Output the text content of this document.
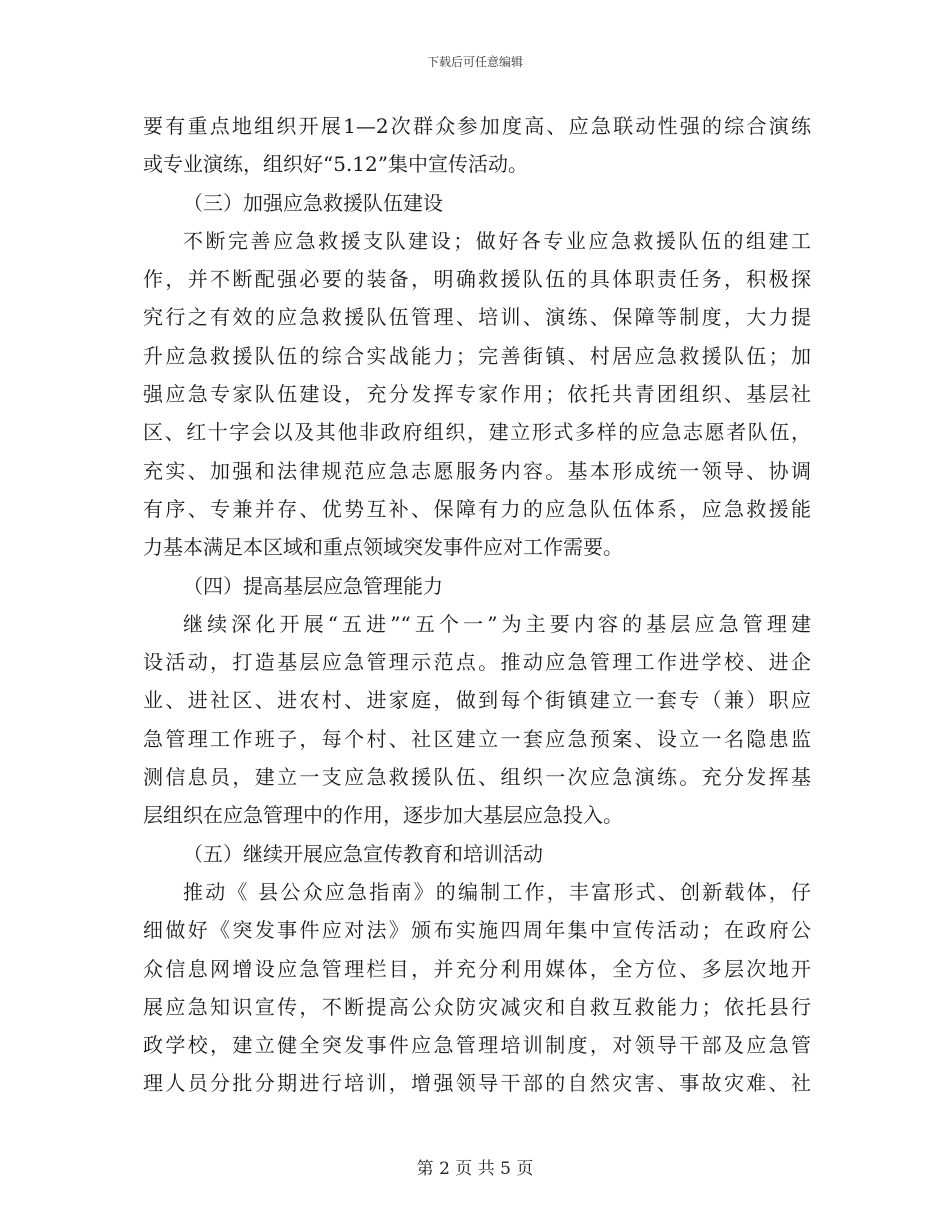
下载后可任意编辑
要有重点地组织开展1—2次群众参加度高、应急联动性强的综合演练
或专业演练，组织好“5.12”集中宣传活动。
（三）加强应急救援队伍建设
不断完善应急救援支队建设；做好各专业应急救援队伍的组建工
作，并不断配强必要的装备，明确救援队伍的具体职责任务，积极探
究行之有效的应急救援队伍管理、培训、演练、保障等制度，大力提
升应急救援队伍的综合实战能力；完善街镇、村居应急救援队伍；加
强应急专家队伍建设，充分发挥专家作用；依托共青团组织、基层社
区、红十字会以及其他非政府组织，建立形式多样的应急志愿者队伍，
充实、加强和法律规范应急志愿服务内容。基本形成统一领导、协调
有序、专兼并存、优势互补、保障有力的应急队伍体系，应急救援能
力基本满足本区域和重点领域突发事件应对工作需要。
（四）提高基层应急管理能力
继续深化开展“五进”“五个一”为主要内容的基层应急管理建
设活动，打造基层应急管理示范点。推动应急管理工作进学校、进企
业、进社区、进农村、进家庭，做到每个街镇建立一套专（兼）职应
急管理工作班子，每个村、社区建立一套应急预案、设立一名隐患监
测信息员，建立一支应急救援队伍、组织一次应急演练。充分发挥基
层组织在应急管理中的作用，逐步加大基层应急投入。
（五）继续开展应急宣传教育和培训活动
推动《 县公众应急指南》的编制工作，丰富形式、创新载体，仔
细做好《突发事件应对法》颁布实施四周年集中宣传活动；在政府公
众信息网增设应急管理栏目，并充分利用媒体，全方位、多层次地开
展应急知识宣传，不断提高公众防灾减灾和自救互救能力；依托县行
政学校，建立健全突发事件应急管理培训制度，对领导干部及应急管
理人员分批分期进行培训，增强领导干部的自然灾害、事故灾难、社
第 2 页 共 5 页
